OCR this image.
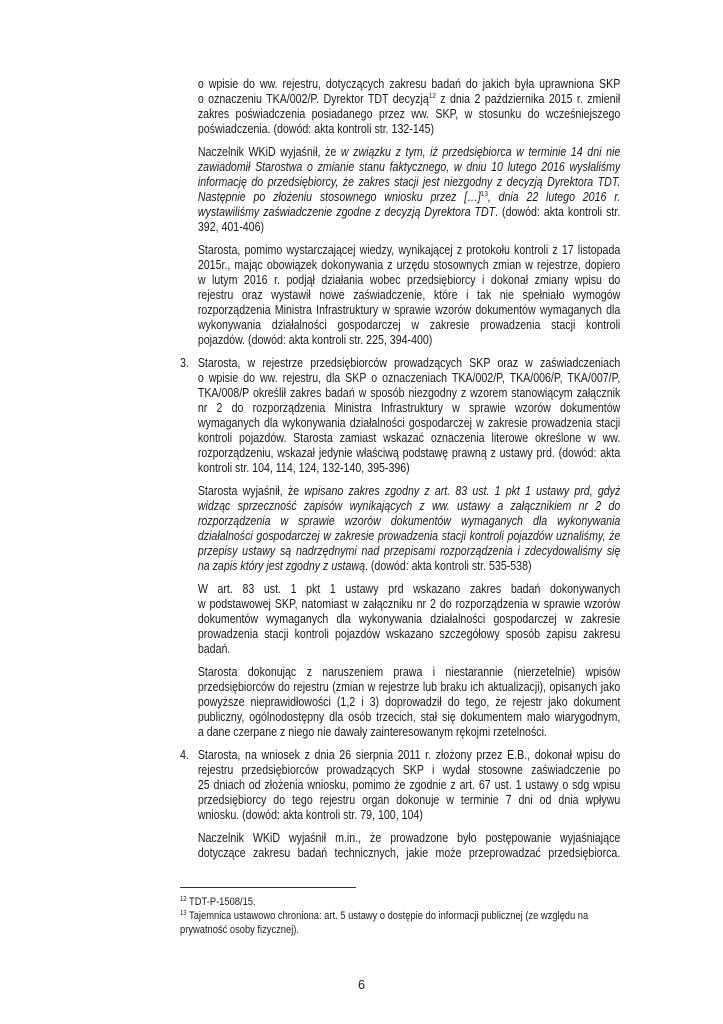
o wpisie do ww. rejestru, dotyczących zakresu badań do jakich była uprawniona SKP
o oznaczeniu TKA/002/P. Dyrektor TDT decyzją$^{12}$ z dnia 2 października 2015 r. zmienił
zakres poświadczenia posiadanego przez ww. SKP, w stosunku do wcześniejszego
poświadczenia. (dowód: akta kontroli str. 132-145)
Naczelnik WKiD wyjaśnił, że w związku z tym, iż przedsiębiorca w terminie 14 dni nie
zawiadomił Starostwa o zmianie stanu faktycznego, w dniu 10 lutego 2016 wysłaliśmy
informację do przedsiębiorcy, że zakres stacji jest niezgodny z decyzją Dyrektora TDT.
Następnie po złożeniu stosownego wniosku przez […]$^{13}$, dnia 22 lutego 2016 r.
wystawiliśmy zaświadczenie zgodne z decyzją Dyrektora TDT. (dowód: akta kontroli str.
392, 401-406)
Starosta, pomimo wystarczającej wiedzy, wynikającej z protokołu kontroli z 17 listopada
2015r., mając obowiązek dokonywania z urzędu stosownych zmian w rejestrze, dopiero
w lutym 2016 r. podjął działania wobec przedsiębiorcy i dokonał zmiany wpisu do
rejestru oraz wystawił nowe zaświadczenie, które i tak nie spełniało wymogów
rozporządzenia Ministra Infrastruktury w sprawie wzorów dokumentów wymaganych dla
wykonywania działalności gospodarczej w zakresie prowadzenia stacji kontroli
pojazdów. (dowód: akta kontroli str. 225, 394-400)
3. Starosta, w rejestrze przedsiębiorców prowadzących SKP oraz w zaświadczeniach
o wpisie do ww. rejestru, dla SKP o oznaczeniach TKA/002/P, TKA/006/P, TKA/007/P,
TKA/008/P określił zakres badań w sposób niezgodny z wzorem stanowiącym załącznik
nr 2 do rozporządzenia Ministra Infrastruktury w sprawie wzorów dokumentów
wymaganych dla wykonywania działalności gospodarczej w zakresie prowadzenia stacji
kontroli pojazdów. Starosta zamiast wskazać oznaczenia literowe określone w ww.
rozporządzeniu, wskazał jedynie właściwą podstawę prawną z ustawy prd. (dowód: akta
kontroli str. 104, 114, 124, 132-140, 395-396)
Starosta wyjaśnił, że wpisano zakres zgodny z art. 83 ust. 1 pkt 1 ustawy prd, gdyż
widząc sprzeczność zapisów wynikających z ww. ustawy a załącznikiem nr 2 do
rozporządzenia w sprawie wzorów dokumentów wymaganych dla wykonywania
działalności gospodarczej w zakresie prowadzenia stacji kontroli pojazdów uznaliśmy, że
przepisy ustawy są nadrzędnymi nad przepisami rozporządzenia i zdecydowaliśmy się
na zapis który jest zgodny z ustawą. (dowód: akta kontroli str. 535-538)
W art. 83 ust. 1 pkt 1 ustawy prd wskazano zakres badań dokonywanych
w podstawowej SKP, natomiast w załączniku nr 2 do rozporządzenia w sprawie wzorów
dokumentów wymaganych dla wykonywania działalności gospodarczej w zakresie
prowadzenia stacji kontroli pojazdów wskazano szczegółowy sposób zapisu zakresu
badań.
Starosta dokonując z naruszeniem prawa i niestarannie (nierzetelnie) wpisów
przedsiębiorców do rejestru (zmian w rejestrze lub braku ich aktualizacji), opisanych jako
powyższe nieprawidłowości (1,2 i 3) doprowadził do tego, że rejestr jako dokument
publiczny, ogólnodostępny dla osób trzecich, stał się dokumentem mało wiarygodnym,
a dane czerpane z niego nie dawały zainteresowanym rękojmi rzetelności.
4. Starosta, na wniosek z dnia 26 sierpnia 2011 r. złożony przez E.B., dokonał wpisu do
rejestru przedsiębiorców prowadzących SKP i wydał stosowne zaświadczenie po
25 dniach od złożenia wniosku, pomimo że zgodnie z art. 67 ust. 1 ustawy o sdg wpisu
przedsiębiorcy do tego rejestru organ dokonuje w terminie 7 dni od dnia wpływu
wniosku. (dowód: akta kontroli str. 79, 100, 104)
Naczelnik WKiD wyjaśnił m.in., że prowadzone było postępowanie wyjaśniające
dotyczące zakresu badań technicznych, jakie może przeprowadzać przedsiębiorca.
$^{12}$ TDT-P-1508/15.
$^{13}$ Tajemnica ustawowo chroniona: art. 5 ustawy o dostępie do informacji publicznej (ze względu na
prywatność osoby fizycznej).
6
